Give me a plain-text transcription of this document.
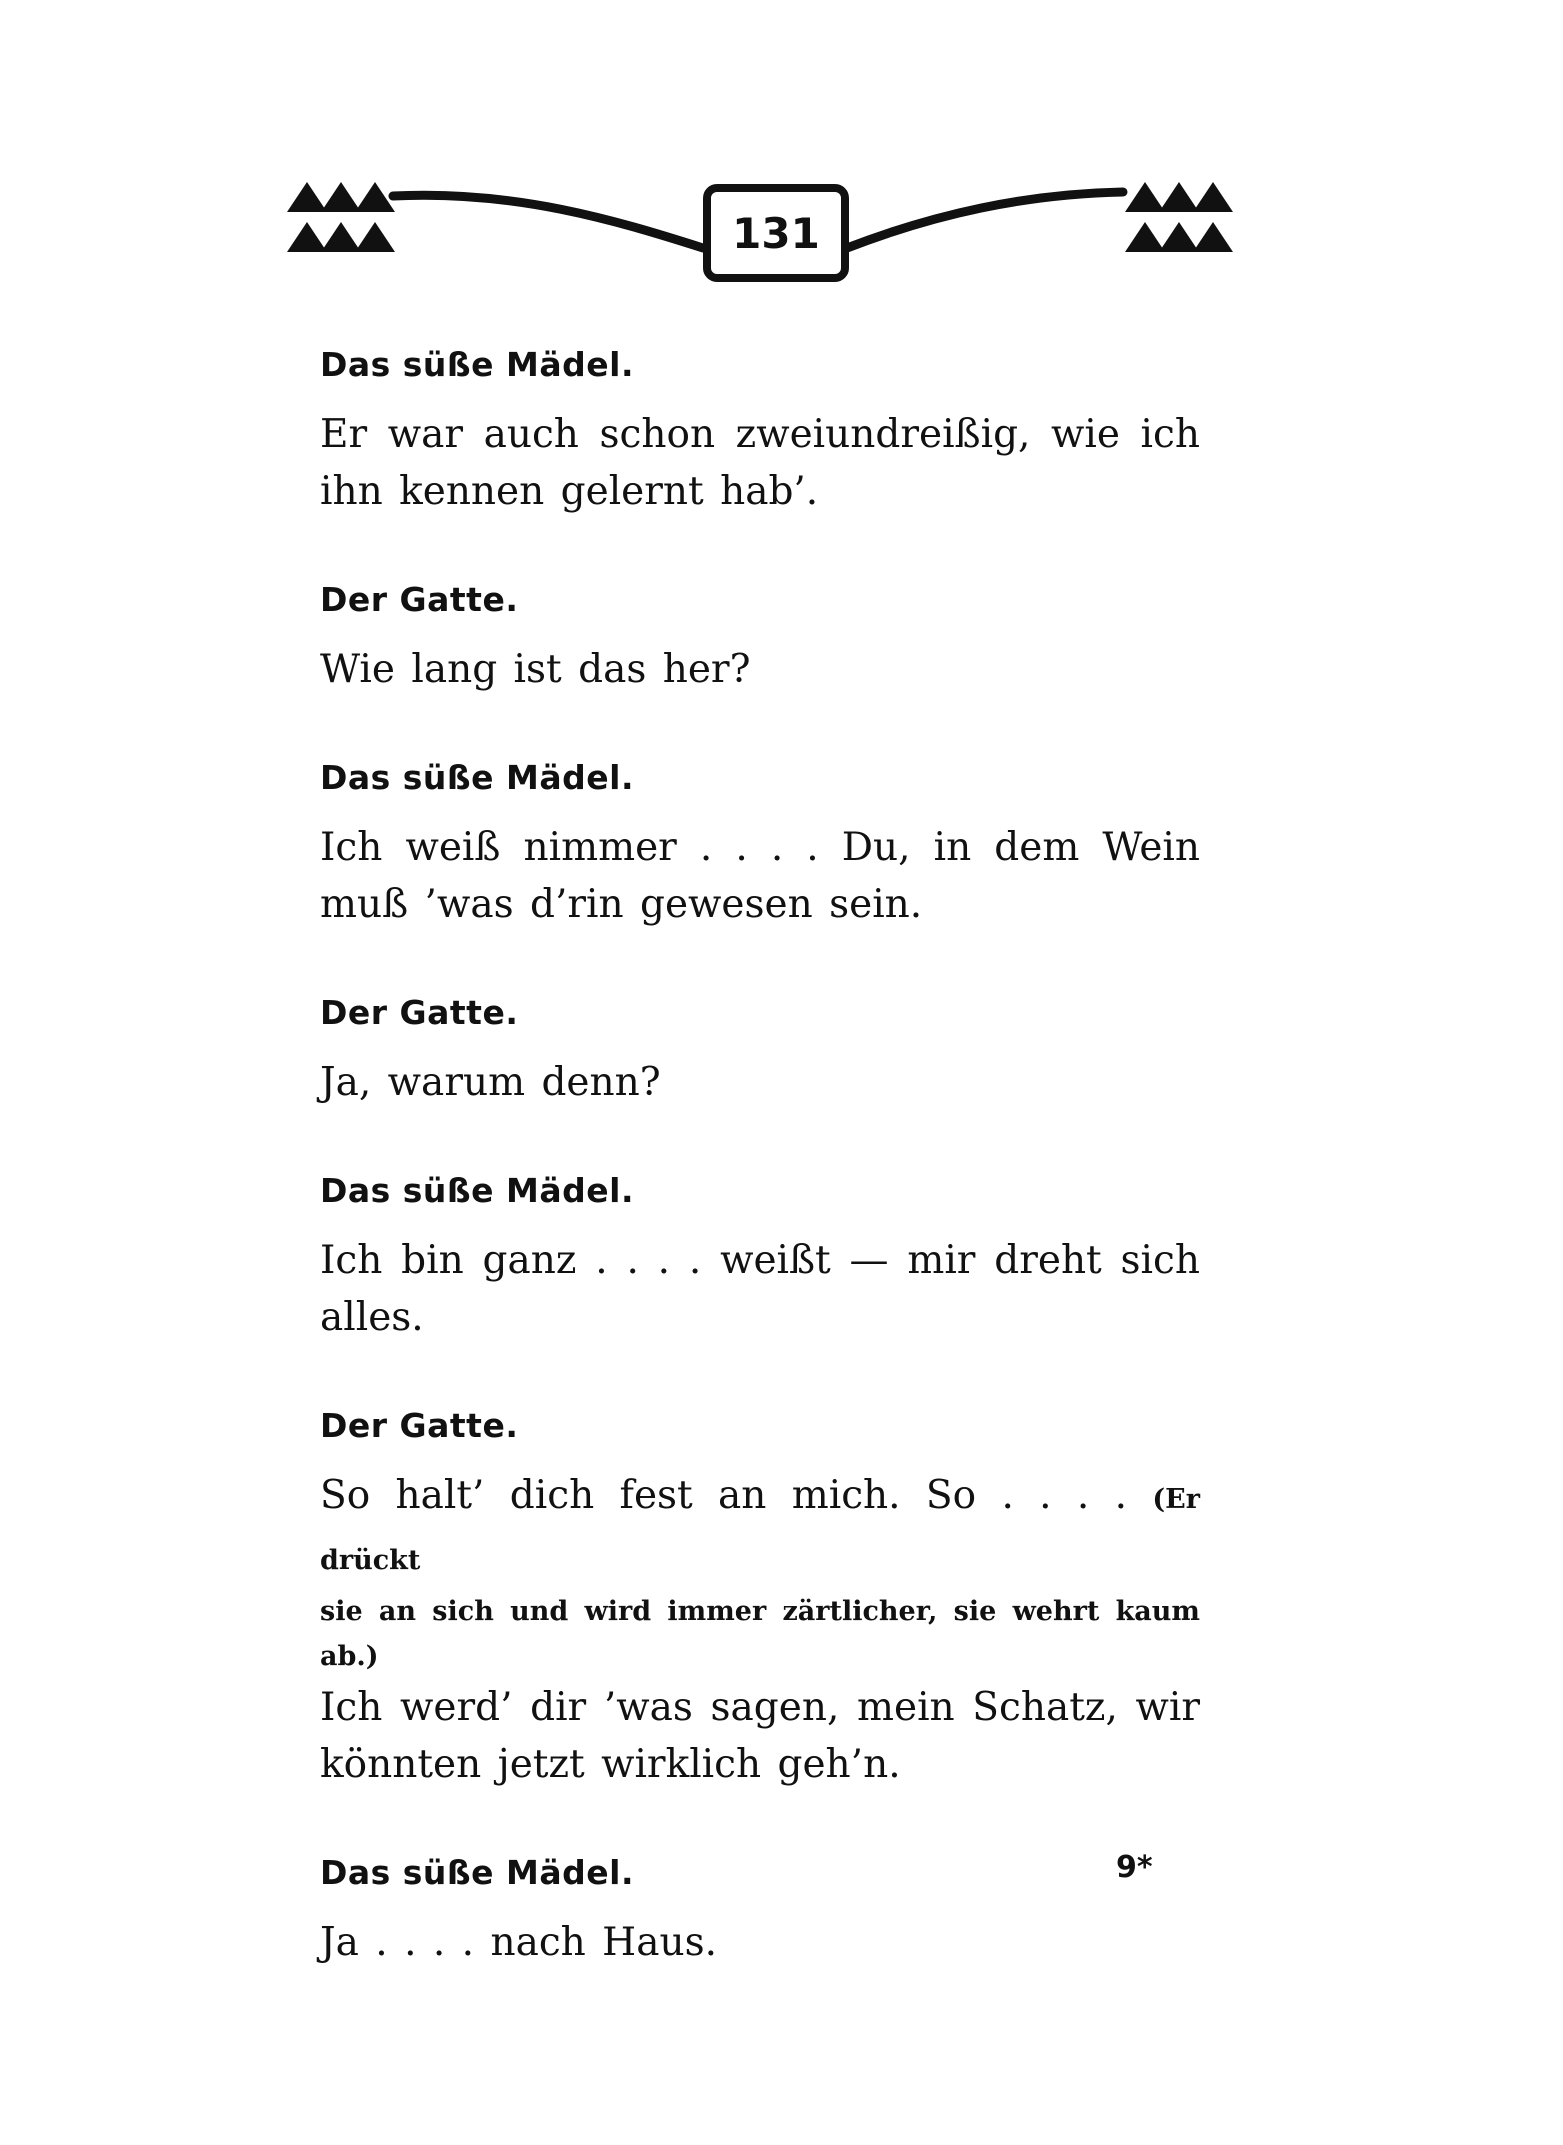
131
Das süße Mädel.
Er war auch schon zweiundreißig, wie ich ihn kennen gelernt hab’.
Der Gatte.
Wie lang ist das her?
Das süße Mädel.
Ich weiß nimmer . . . . Du, in dem Wein muß ’was d’rin gewesen sein.
Der Gatte.
Ja, warum denn?
Das süße Mädel.
Ich bin ganz . . . . weißt — mir dreht sich alles.
Der Gatte.
So halt’ dich fest an mich. So . . . . (Er drückt
sie an sich und wird immer zärtlicher, sie wehrt kaum ab.)
Ich werd’ dir ’was sagen, mein Schatz, wir könnten jetzt wirklich geh’n.
Das süße Mädel.
Ja . . . . nach Haus.
9*
